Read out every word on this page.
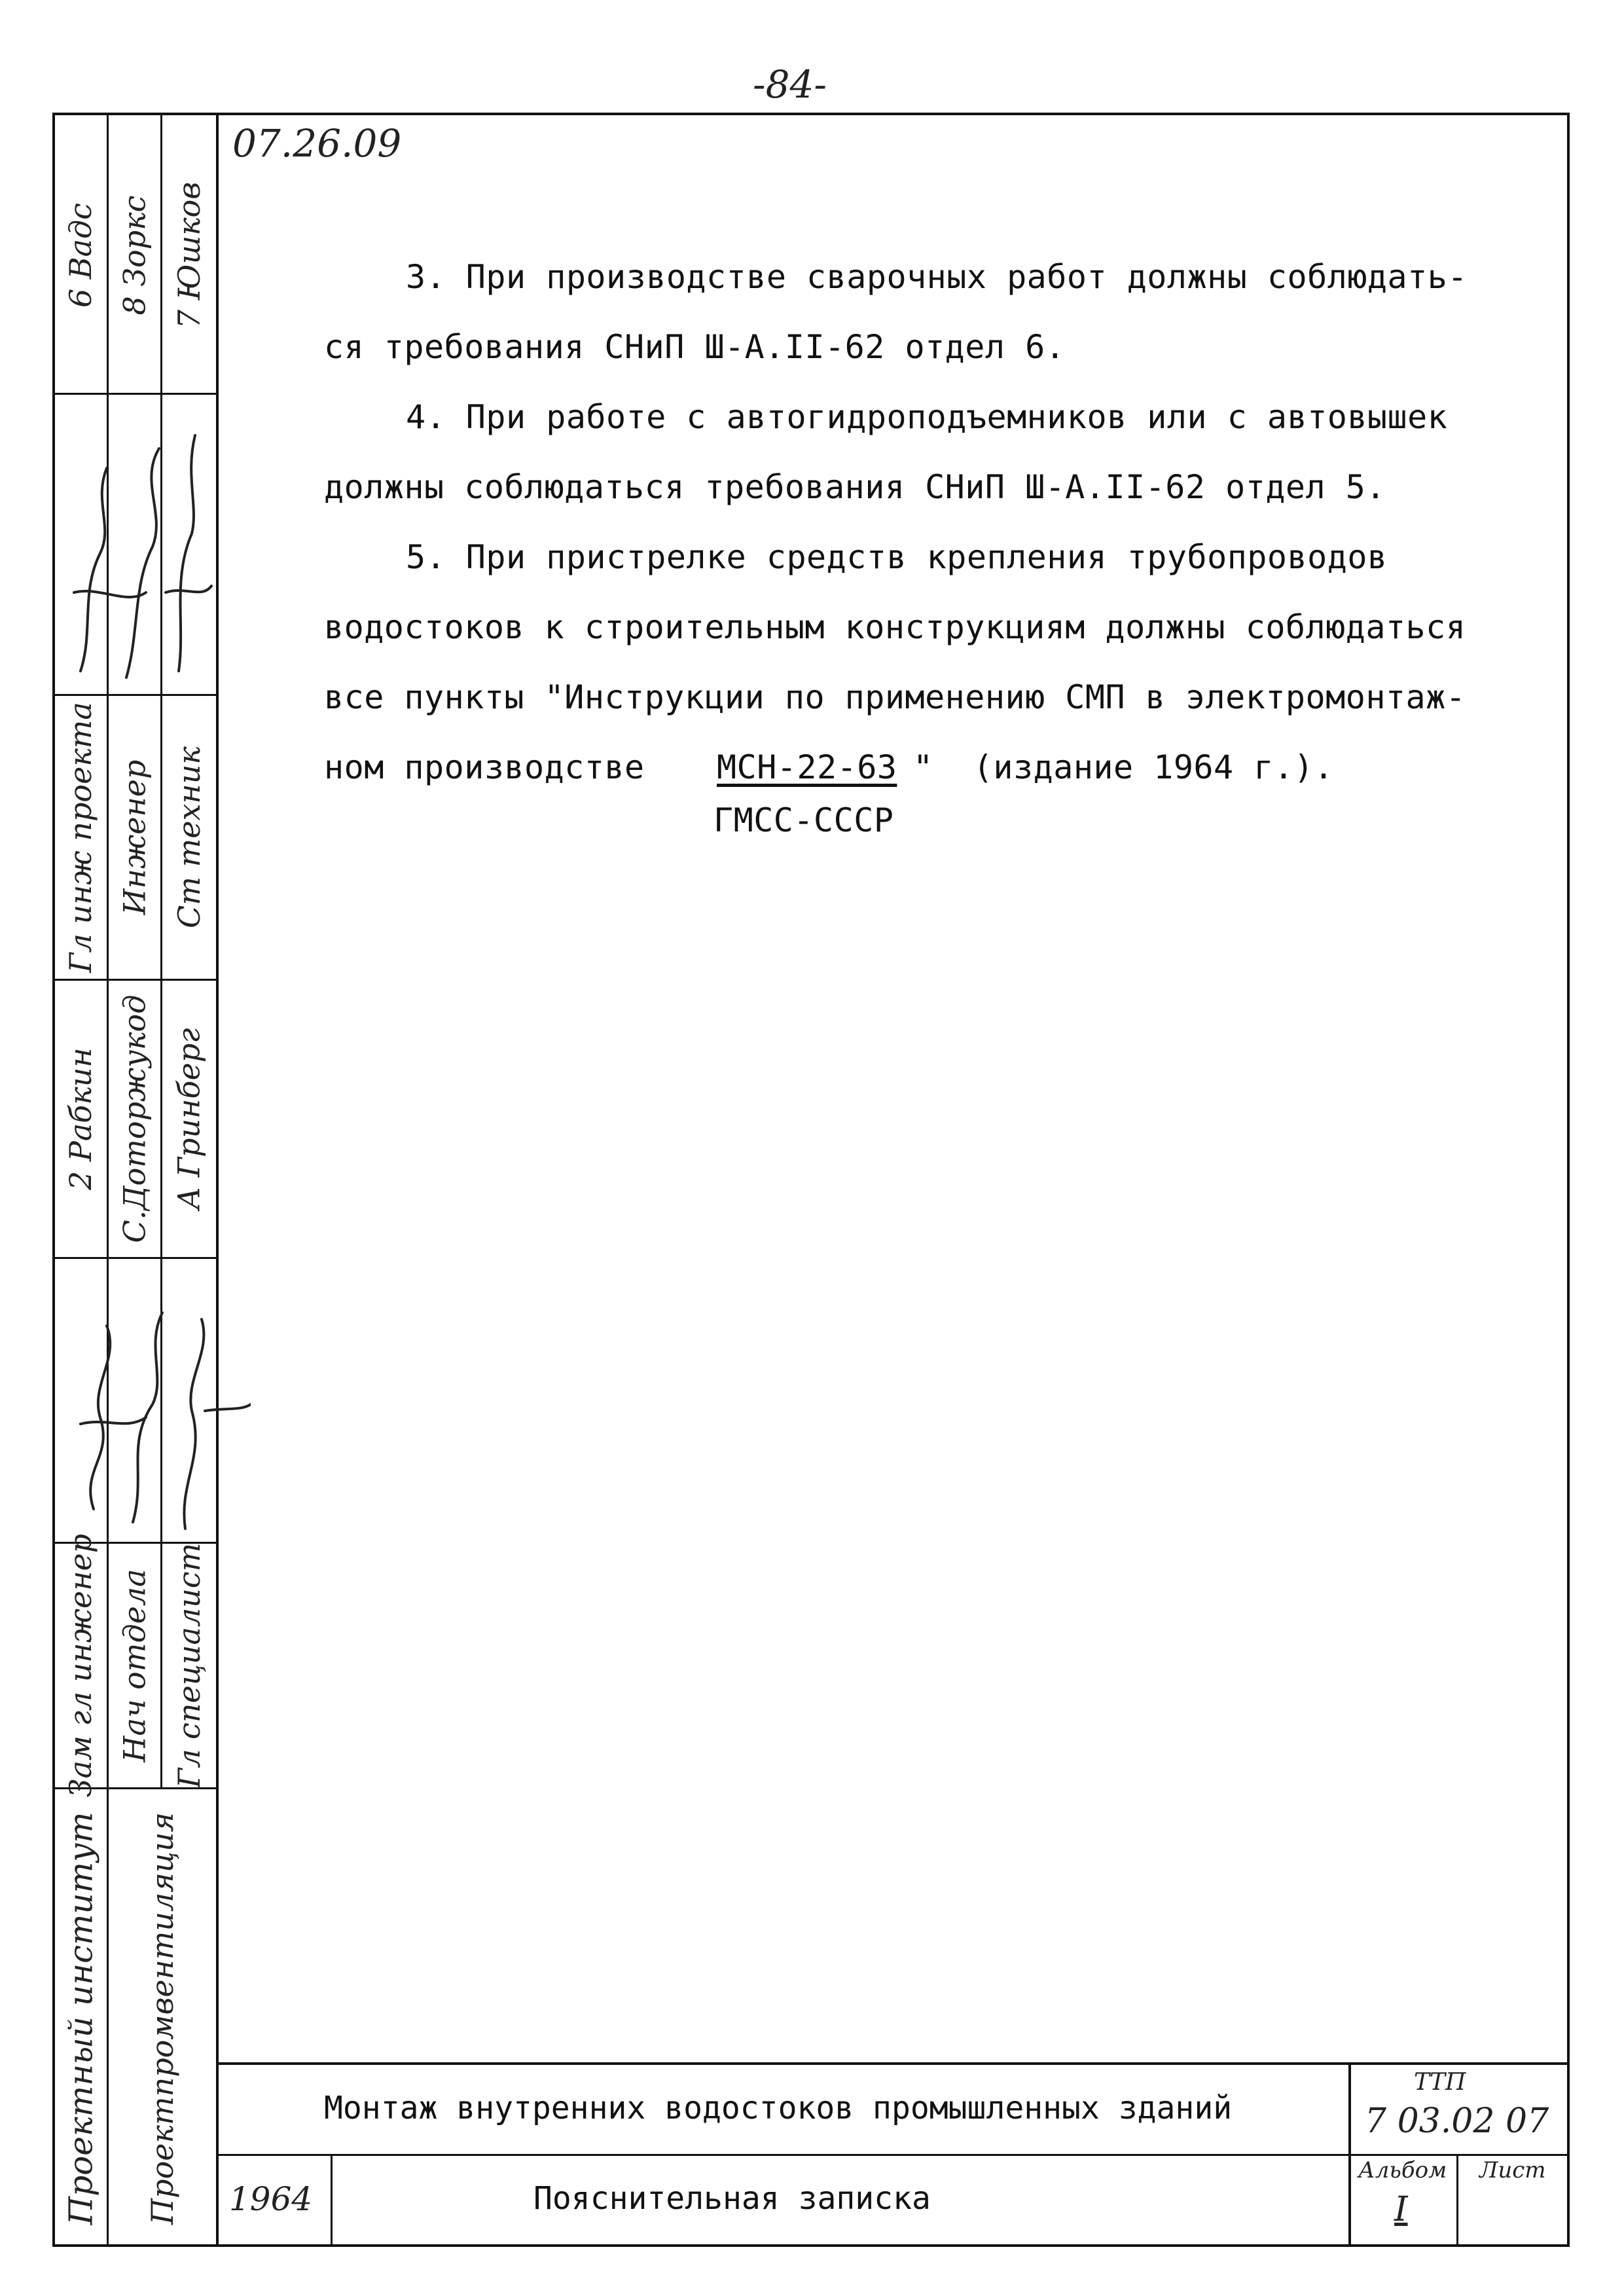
-84-
07.26.09
3. При производстве сварочных работ должны соблюдать-
ся требования СНиП Ш-А.II-62 отдел 6.
4. При работе с автогидроподъемников или с автовышек
должны соблюдаться требования СНиП Ш-А.II-62 отдел 5.
5. При пристрелке средств крепления трубопроводов
водостоков к строительным конструкциям должны соблюдаться
все пункты "Инструкции по применению СМП в электромонтаж-
ном производстве МСН-22-63 "  (издание 1964 г.).
ГМСС-СССР
6 Вадс 8 Зоркс 7 Юшков
Гл инж проекта Инженер Ст техник
2 Рабкин С.Доторжукод А Гринберг
Зам гл инженер Нач отдела Гл специалист
Проектный институт Проектпромвентиляция	Монтаж внутренних водостоков промышленных зданий
Пояснительная записка
1964
ТТП
7 03.02 07
Альбом
I
Лист
